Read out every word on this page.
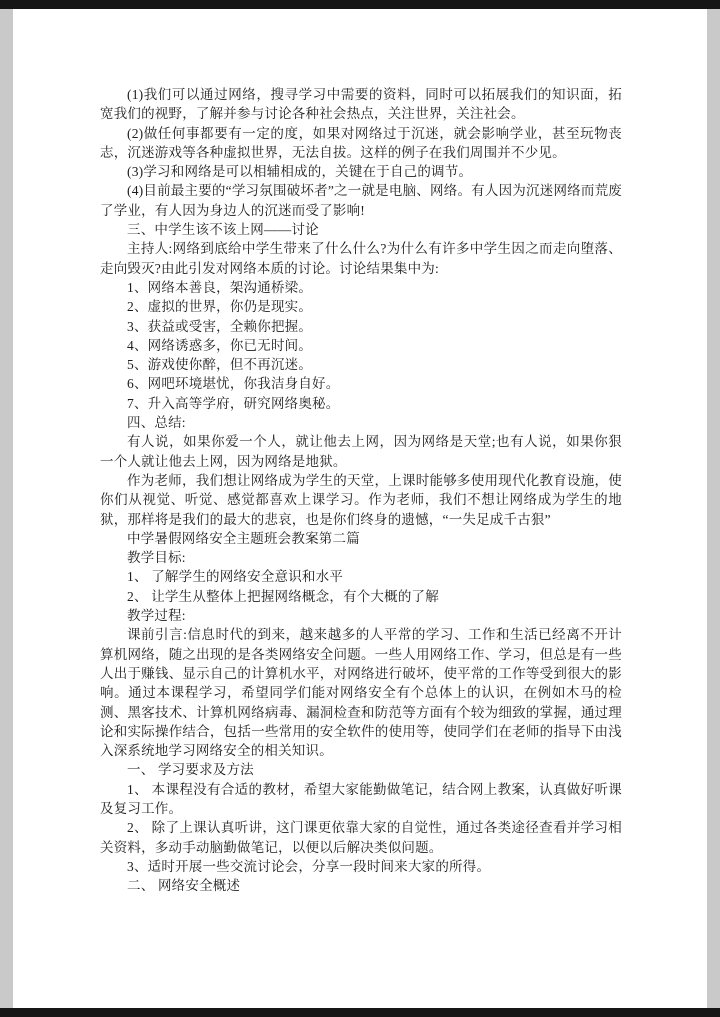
(1)我们可以通过网络，搜寻学习中需要的资料，同时可以拓展我们的知识面，拓宽我们的视野，了解并参与讨论各种社会热点，关注世界，关注社会。

(2)做任何事都要有一定的度，如果对网络过于沉迷，就会影响学业，甚至玩物丧志，沉迷游戏等各种虚拟世界，无法自拔。这样的例子在我们周围并不少见。

(3)学习和网络是可以相辅相成的，关键在于自己的调节。

(4)目前最主要的“学习氛围破坏者”之一就是电脑、网络。有人因为沉迷网络而荒废了学业，有人因为身边人的沉迷而受了影响!

三、中学生该不该上网——讨论

主持人:网络到底给中学生带来了什么什么?为什么有许多中学生因之而走向堕落、走向毁灭?由此引发对网络本质的讨论。讨论结果集中为:

1、网络本善良，架沟通桥梁。

2、虚拟的世界，你仍是现实。

3、获益或受害，全赖你把握。

4、网络诱惑多，你已无时间。

5、游戏使你醉，但不再沉迷。

6、网吧环境堪忧，你我洁身自好。

7、升入高等学府，研究网络奥秘。

四、总结:

有人说，如果你爱一个人，就让他去上网，因为网络是天堂;也有人说，如果你狠一个人就让他去上网，因为网络是地狱。

作为老师，我们想让网络成为学生的天堂，上课时能够多使用现代化教育设施，使你们从视觉、听觉、感觉都喜欢上课学习。作为老师，我们不想让网络成为学生的地狱，那样将是我们的最大的悲哀，也是你们终身的遗憾，“一失足成千古狠”

中学暑假网络安全主题班会教案第二篇

教学目标:

1、 了解学生的网络安全意识和水平

2、 让学生从整体上把握网络概念，有个大概的了解

教学过程:

课前引言:信息时代的到来，越来越多的人平常的学习、工作和生活已经离不开计算机网络，随之出现的是各类网络安全问题。一些人用网络工作、学习，但总是有一些人出于赚钱、显示自己的计算机水平，对网络进行破坏，使平常的工作等受到很大的影响。通过本课程学习，希望同学们能对网络安全有个总体上的认识，在例如木马的检测、黑客技术、计算机网络病毒、漏洞检查和防范等方面有个较为细致的掌握，通过理论和实际操作结合，包括一些常用的安全软件的使用等，使同学们在老师的指导下由浅入深系统地学习网络安全的相关知识。

一、 学习要求及方法

1、 本课程没有合适的教材，希望大家能勤做笔记，结合网上教案，认真做好听课及复习工作。

2、 除了上课认真听讲，这门课更依靠大家的自觉性，通过各类途径查看并学习相关资料，多动手动脑勤做笔记，以便以后解决类似问题。

3、适时开展一些交流讨论会，分享一段时间来大家的所得。

二、 网络安全概述
